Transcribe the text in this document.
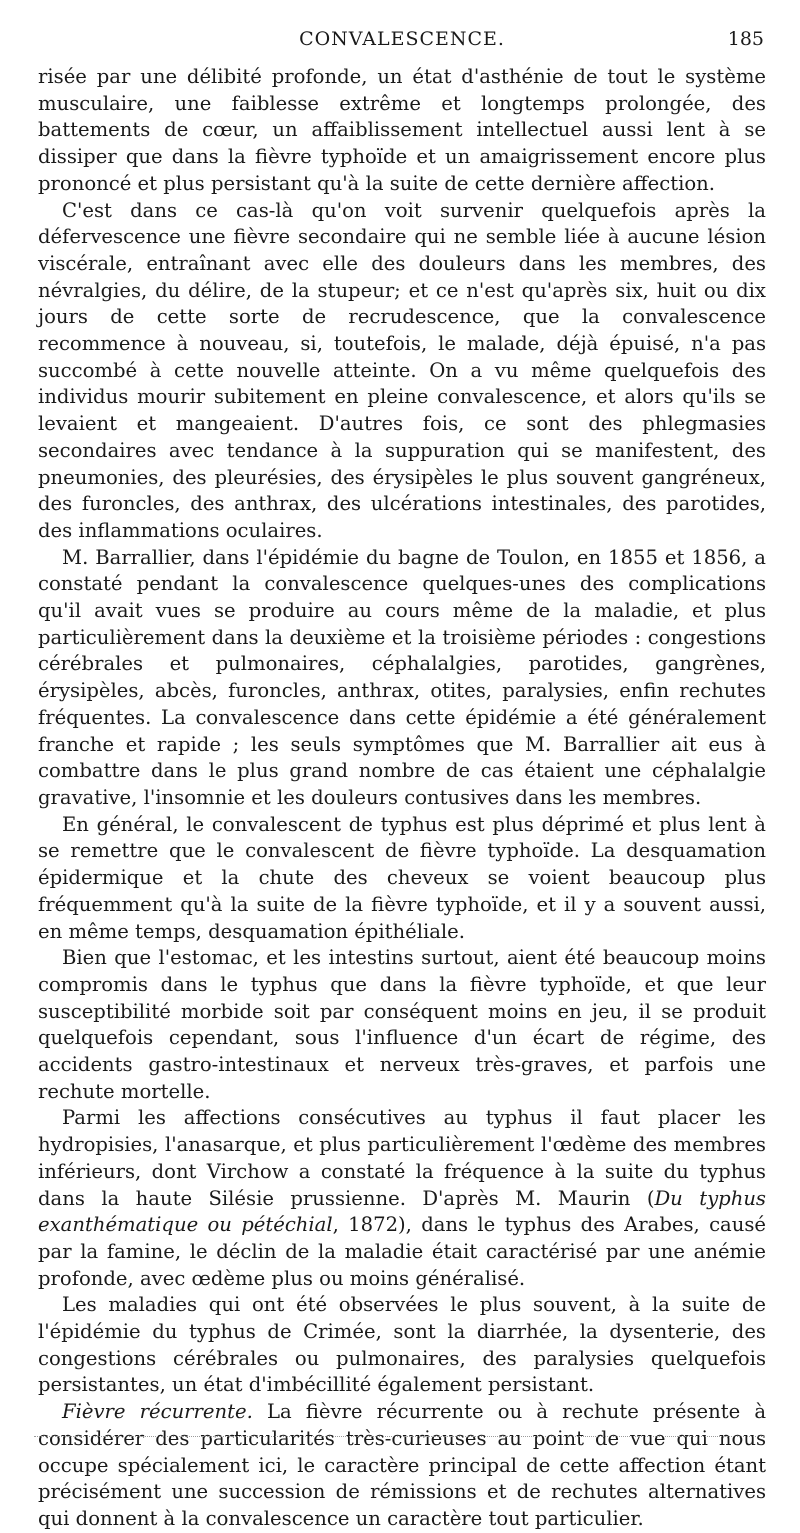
CONVALESCENCE.	185

risée par une délibité profonde, un état d'asthénie de tout le système musculaire, une faiblesse extrême et longtemps prolongée, des battements de cœur, un affaiblissement intellectuel aussi lent à se dissiper que dans la fièvre typhoïde et un amaigrissement encore plus prononcé et plus persistant qu'à la suite de cette dernière affection.

C'est dans ce cas-là qu'on voit survenir quelquefois après la défervescence une fièvre secondaire qui ne semble liée à aucune lésion viscérale, entraînant avec elle des douleurs dans les membres, des névralgies, du délire, de la stupeur; et ce n'est qu'après six, huit ou dix jours de cette sorte de recrudescence, que la convalescence recommence à nouveau, si, toutefois, le malade, déjà épuisé, n'a pas succombé à cette nouvelle atteinte. On a vu même quelquefois des individus mourir subitement en pleine convalescence, et alors qu'ils se levaient et mangeaient. D'autres fois, ce sont des phlegmasies secondaires avec tendance à la suppuration qui se manifestent, des pneumonies, des pleurésies, des érysipèles le plus souvent gangréneux, des furoncles, des anthrax, des ulcérations intestinales, des parotides, des inflammations oculaires.

M. Barrallier, dans l'épidémie du bagne de Toulon, en 1855 et 1856, a constaté pendant la convalescence quelques-unes des complications qu'il avait vues se produire au cours même de la maladie, et plus particulièrement dans la deuxième et la troisième périodes : congestions cérébrales et pulmonaires, céphalalgies, parotides, gangrènes, érysipèles, abcès, furoncles, anthrax, otites, paralysies, enfin rechutes fréquentes. La convalescence dans cette épidémie a été généralement franche et rapide ; les seuls symptômes que M. Barrallier ait eus à combattre dans le plus grand nombre de cas étaient une céphalalgie gravative, l'insomnie et les douleurs contusives dans les membres.

En général, le convalescent de typhus est plus déprimé et plus lent à se remettre que le convalescent de fièvre typhoïde. La desquamation épidermique et la chute des cheveux se voient beaucoup plus fréquemment qu'à la suite de la fièvre typhoïde, et il y a souvent aussi, en même temps, desquamation épithéliale.

Bien que l'estomac, et les intestins surtout, aient été beaucoup moins compromis dans le typhus que dans la fièvre typhoïde, et que leur susceptibilité morbide soit par conséquent moins en jeu, il se produit quelquefois cependant, sous l'influence d'un écart de régime, des accidents gastro-intestinaux et nerveux très-graves, et parfois une rechute mortelle.

Parmi les affections consécutives au typhus il faut placer les hydropisies, l'anasarque, et plus particulièrement l'œdème des membres inférieurs, dont Virchow a constaté la fréquence à la suite du typhus dans la haute Silésie prussienne. D'après M. Maurin (Du typhus exanthématique ou pétéchial, 1872), dans le typhus des Arabes, causé par la famine, le déclin de la maladie était caractérisé par une anémie profonde, avec œdème plus ou moins généralisé.

Les maladies qui ont été observées le plus souvent, à la suite de l'épidémie du typhus de Crimée, sont la diarrhée, la dysenterie, des congestions cérébrales ou pulmonaires, des paralysies quelquefois persistantes, un état d'imbécillité également persistant.

Fièvre récurrente. La fièvre récurrente ou à rechute présente à considérer des particularités très-curieuses au point de vue qui nous occupe spécialement ici, le caractère principal de cette affection étant précisément une succession de rémissions et de rechutes alternatives qui donnent à la convalescence un caractère tout particulier.
